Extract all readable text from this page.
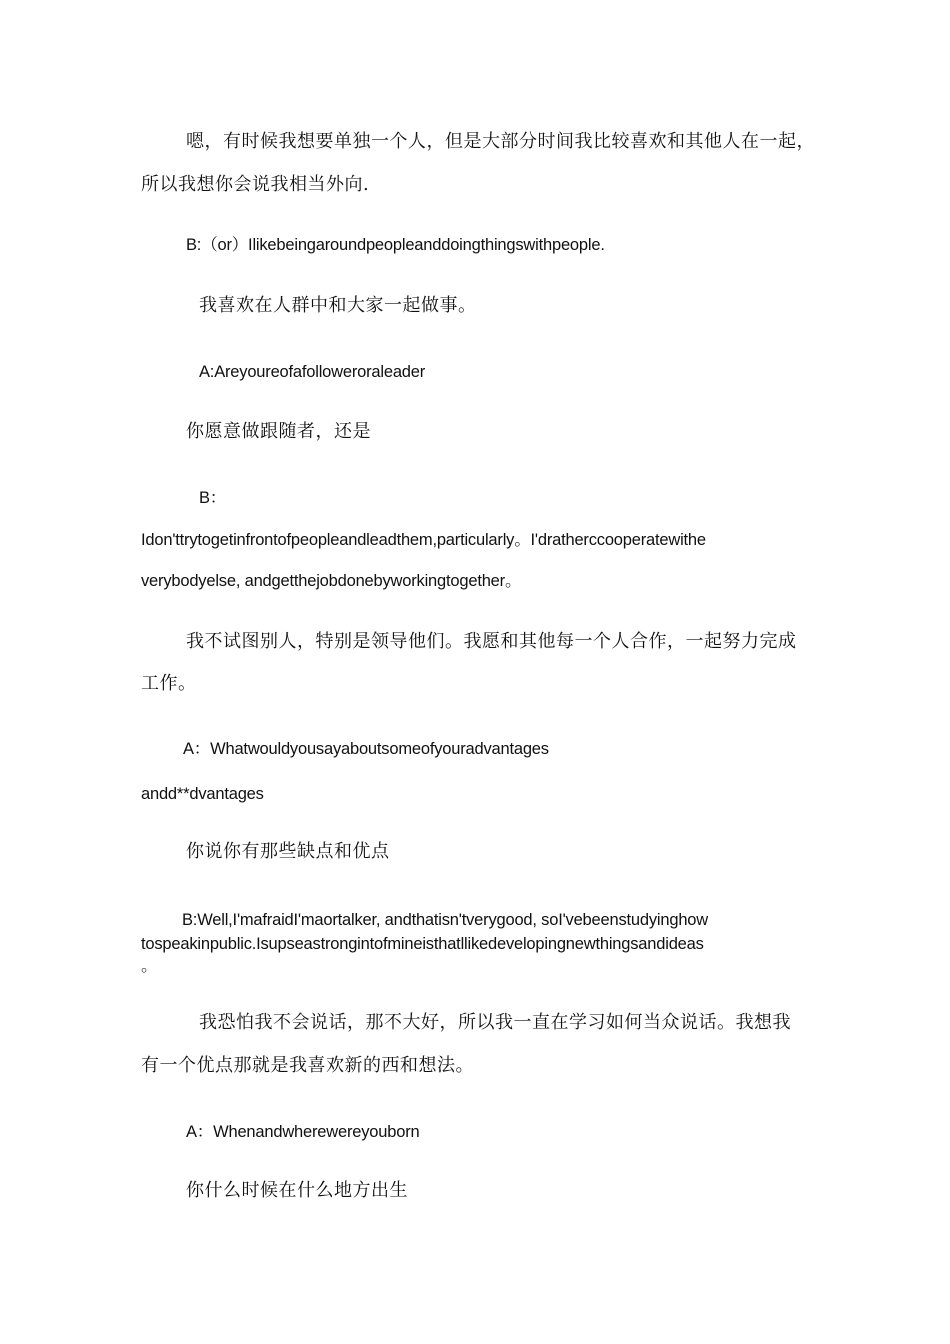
嗯，有时候我想要单独一个人，但是大部分时间我比较喜欢和其他人在一起，
所以我想你会说我相当外向.
B:（or）Ilikebeingaroundpeopleanddoingthingswithpeople.
我喜欢在人群中和大家一起做事。
A:Areyoureofafolloweroraleader
你愿意做跟随者，还是
B：
Idon'ttrytogetinfrontofpeopleandleadthem,particularly。I'dratherccooperatewithe
verybodyelse, andgetthejobdonebyworkingtogether。
我不试图别人，特别是领导他们。我愿和其他每一个人合作，一起努力完成
工作。
A：Whatwouldyousayaboutsomeofyouradvantages
andd**dvantages
你说你有那些缺点和优点
B:Well,I'mafraidI'maortalker, andthatisn'tverygood, soI'vebeenstudyinghow
tospeakinpublic.Isupseastrongintofmineisthatllikedevelopingnewthingsandideas
。
我恐怕我不会说话，那不大好，所以我一直在学习如何当众说话。我想我
有一个优点那就是我喜欢新的西和想法。
A：Whenandwherewereyouborn
你什么时候在什么地方出生
